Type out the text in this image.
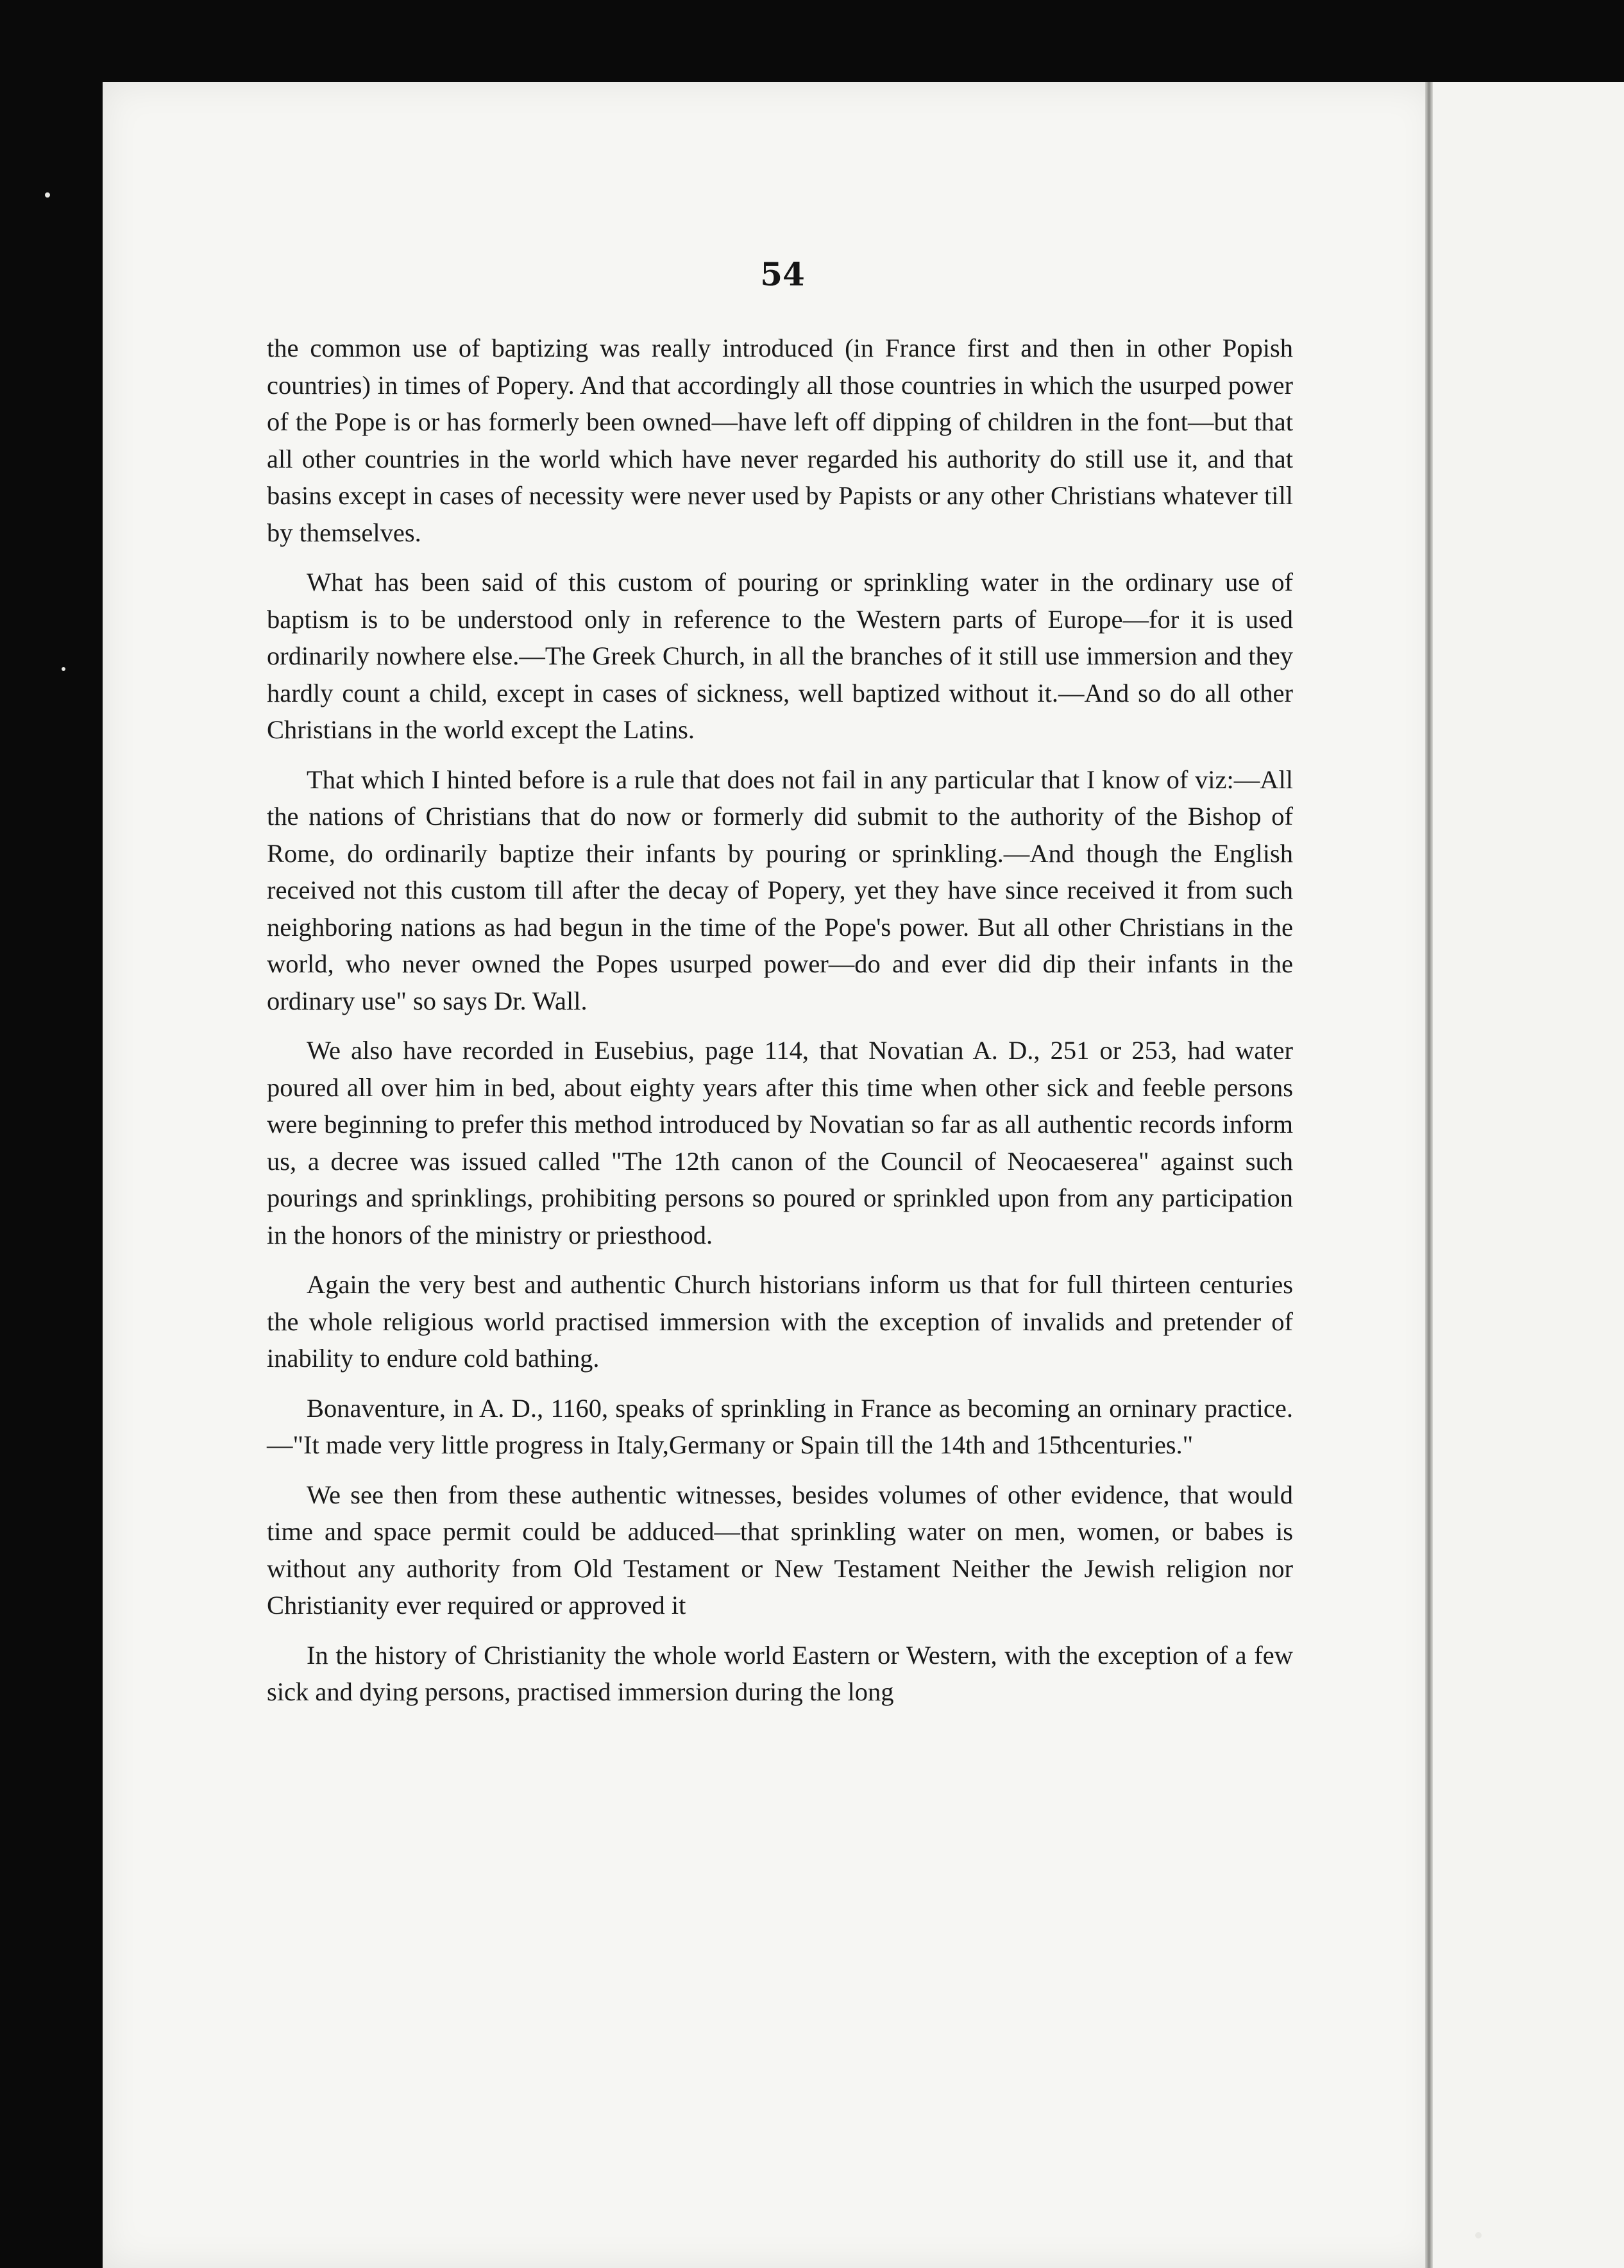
54

the common use of baptizing was really introduced (in France first and then in other Popish countries) in times of Popery. And that accordingly all those countries in which the usurped power of the Pope is or has formerly been owned—have left off dipping of children in the font—but that all other countries in the world which have never regarded his authority do still use it, and that basins except in cases of necessity were never used by Papists or any other Christians whatever till by themselves.

What has been said of this custom of pouring or sprinkling water in the ordinary use of baptism is to be understood only in reference to the Western parts of Europe—for it is used ordinarily nowhere else.—The Greek Church, in all the branches of it still use immersion and they hardly count a child, except in cases of sickness, well baptized without it.—And so do all other Christians in the world except the Latins.

That which I hinted before is a rule that does not fail in any particular that I know of viz:—All the nations of Christians that do now or formerly did submit to the authority of the Bishop of Rome, do ordinarily baptize their infants by pouring or sprinkling.—And though the English received not this custom till after the decay of Popery, yet they have since received it from such neighboring nations as had begun in the time of the Pope's power. But all other Christians in the world, who never owned the Popes usurped power—do and ever did dip their infants in the ordinary use" so says Dr. Wall.

We also have recorded in Eusebius, page 114, that Novatian A. D., 251 or 253, had water poured all over him in bed, about eighty years after this time when other sick and feeble persons were beginning to prefer this method introduced by Novatian so far as all authentic records inform us, a decree was issued called "The 12th canon of the Council of Neocaeserea" against such pourings and sprinklings, prohibiting persons so poured or sprinkled upon from any participation in the honors of the ministry or priesthood.

Again the very best and authentic Church historians inform us that for full thirteen centuries the whole religious world practised immersion with the exception of invalids and pretender of inability to endure cold bathing.

Bonaventure, in A. D., 1160, speaks of sprinkling in France as becoming an orninary practice.—"It made very little progress in Italy,Germany or Spain till the 14th and 15thcenturies."

We see then from these authentic witnesses, besides volumes of other evidence, that would time and space permit could be adduced—that sprinkling water on men, women, or babes is without any authority from Old Testament or New Testament Neither the Jewish religion nor Christianity ever required or approved it

In the history of Christianity the whole world Eastern or Western, with the exception of a few sick and dying persons, practised immersion during the long
